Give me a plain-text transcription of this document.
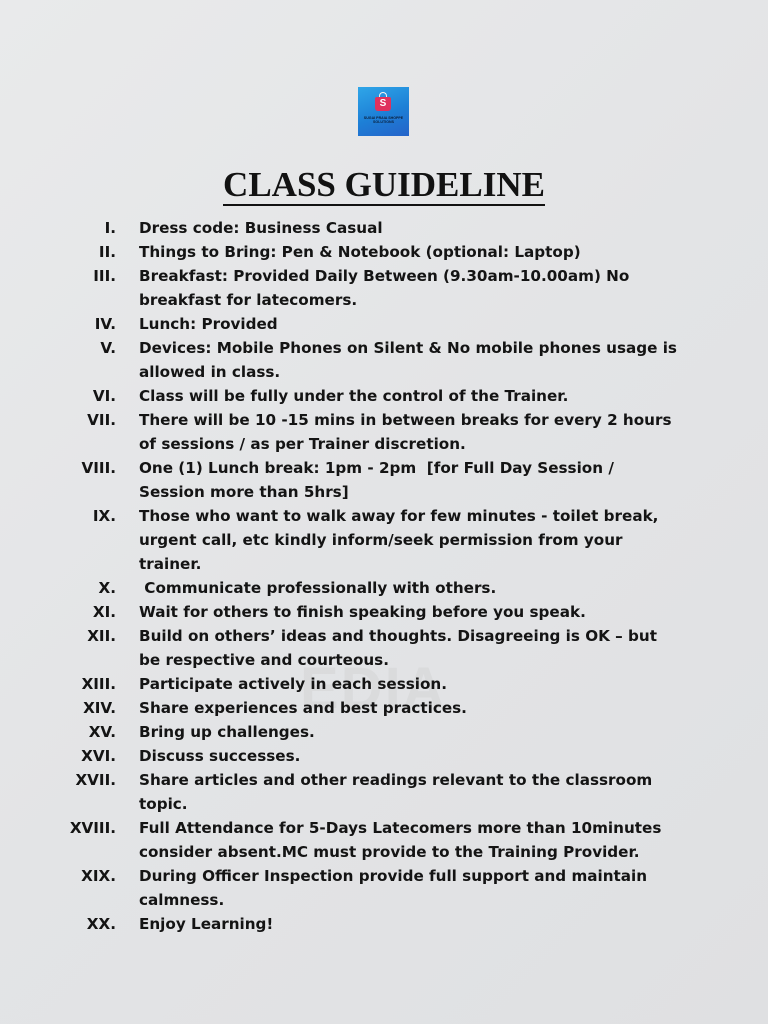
S
SUGAI PRAIA SHOPPE SOLUTIONS
CLASS GUIDELINE
I. Dress code: Business Casual
II. Things to Bring: Pen & Notebook (optional: Laptop)
III. Breakfast: Provided Daily Between (9.30am-10.00am) No breakfast for latecomers.
IV. Lunch: Provided
V. Devices: Mobile Phones on Silent & No mobile phones usage is allowed in class.
VI. Class will be fully under the control of the Trainer.
VII. There will be 10 -15 mins in between breaks for every 2 hours of sessions / as per Trainer discretion.
VIII. One (1) Lunch break: 1pm - 2pm  [for Full Day Session / Session more than 5hrs]
IX. Those who want to walk away for few minutes - toilet break, urgent call, etc kindly inform/seek permission from your trainer.
X. Communicate professionally with others.
XI. Wait for others to finish speaking before you speak.
XII. Build on others’ ideas and thoughts. Disagreeing is OK – but be respective and courteous.
XIII. Participate actively in each session.
XIV. Share experiences and best practices.
XV. Bring up challenges.
XVI. Discuss successes.
XVII. Share articles and other readings relevant to the classroom topic.
XVIII. Full Attendance for 5-Days Latecomers more than 10minutes consider absent.MC must provide to the Training Provider.
XIX. During Officer Inspection provide full support and maintain calmness.
XX. Enjoy Learning!
